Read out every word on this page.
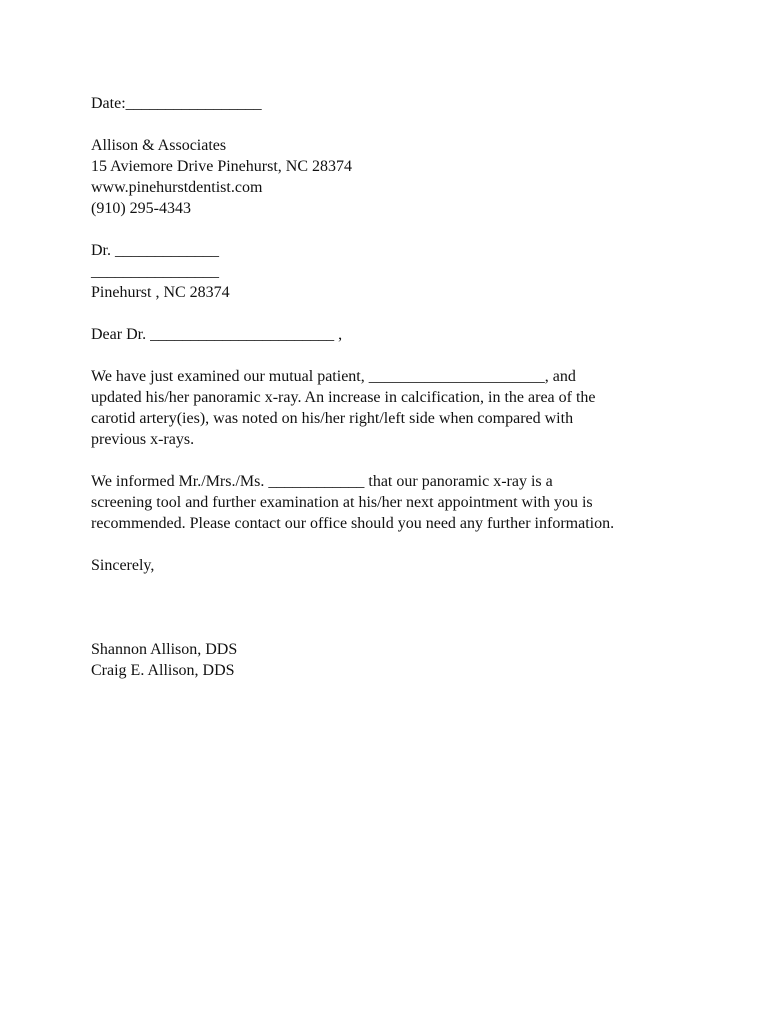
Date:_________________
Allison & Associates
15 Aviemore Drive Pinehurst, NC 28374
www.pinehurstdentist.com
(910) 295-4343
Dr. _____________
________________
Pinehurst , NC 28374
Dear Dr. _______________________ ,
We have just examined our mutual patient, ______________________, and
updated his/her panoramic x-ray. An increase in calcification, in the area of the
carotid artery(ies), was noted on his/her right/left side when compared with
previous x-rays.
We informed Mr./Mrs./Ms. ____________ that our panoramic x-ray is a
screening tool and further examination at his/her next appointment with you is
recommended. Please contact our office should you need any further information.
Sincerely,
Shannon Allison, DDS
Craig E. Allison, DDS
